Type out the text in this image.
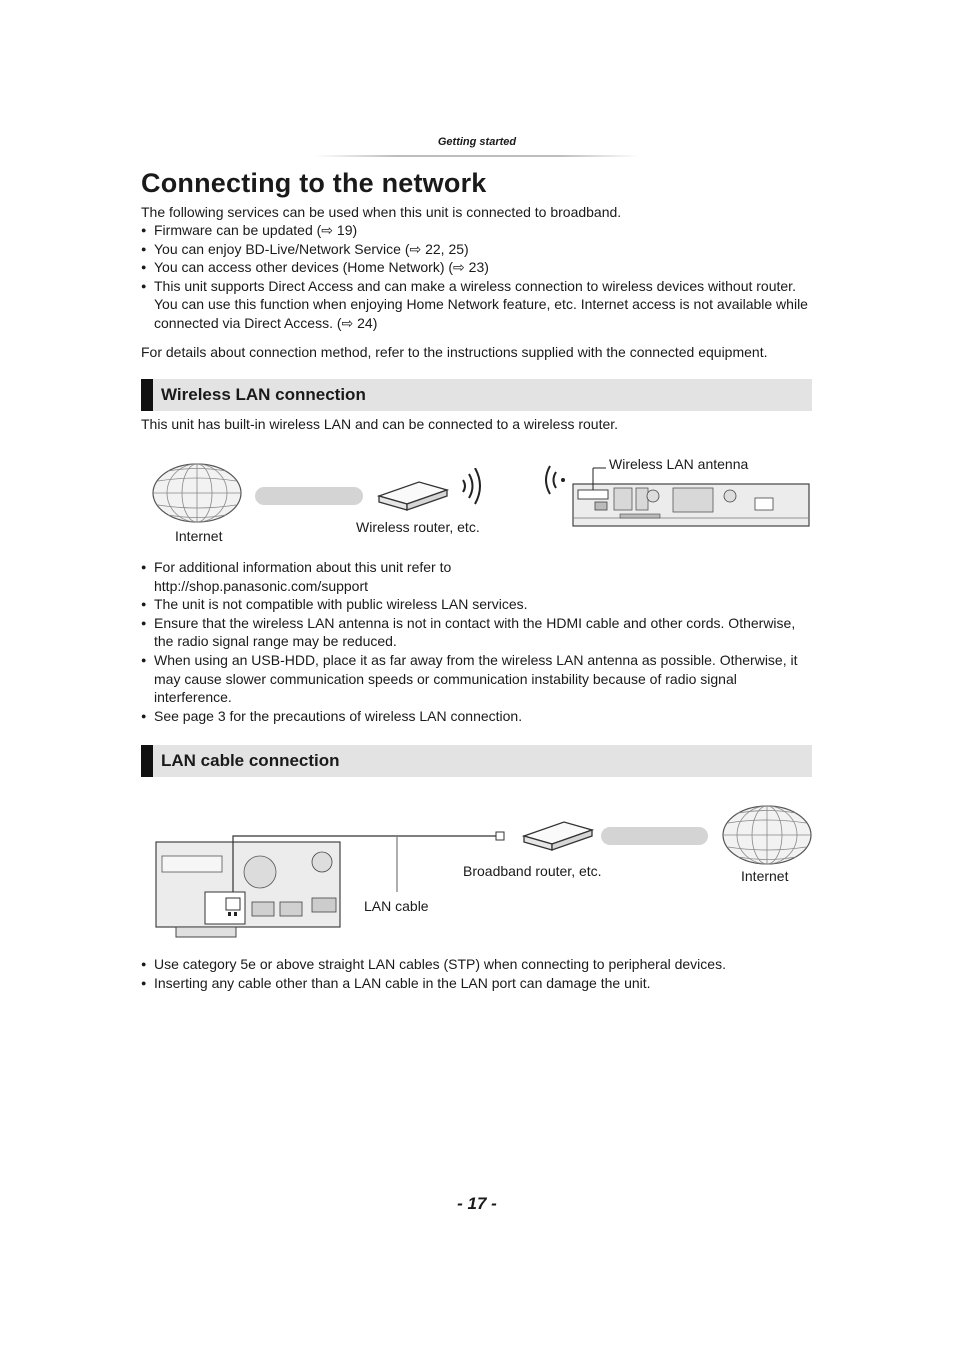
Getting started
Connecting to the network
The following services can be used when this unit is connected to broadband.
● Firmware can be updated (⇨ 19)
● You can enjoy BD-Live/Network Service (⇨ 22, 25)
● You can access other devices (Home Network) (⇨ 23)
● This unit supports Direct Access and can make a wireless connection to wireless devices without router. You can use this function when enjoying Home Network feature, etc. Internet access is not available while connected via Direct Access. (⇨ 24)
For details about connection method, refer to the instructions supplied with the connected equipment.
Wireless LAN connection
This unit has built-in wireless LAN and can be connected to a wireless router.
Internet
Wireless router, etc.
Wireless LAN antenna
● For additional information about this unit refer to http://shop.panasonic.com/support
● The unit is not compatible with public wireless LAN services.
● Ensure that the wireless LAN antenna is not in contact with the HDMI cable and other cords. Otherwise, the radio signal range may be reduced.
● When using an USB-HDD, place it as far away from the wireless LAN antenna as possible. Otherwise, it may cause slower communication speeds or communication instability because of radio signal interference.
● See page 3 for the precautions of wireless LAN connection.
LAN cable connection
LAN cable
Broadband router, etc.	Internet
● Use category 5e or above straight LAN cables (STP) when connecting to peripheral devices.
● Inserting any cable other than a LAN cable in the LAN port can damage the unit.
- 17 -
